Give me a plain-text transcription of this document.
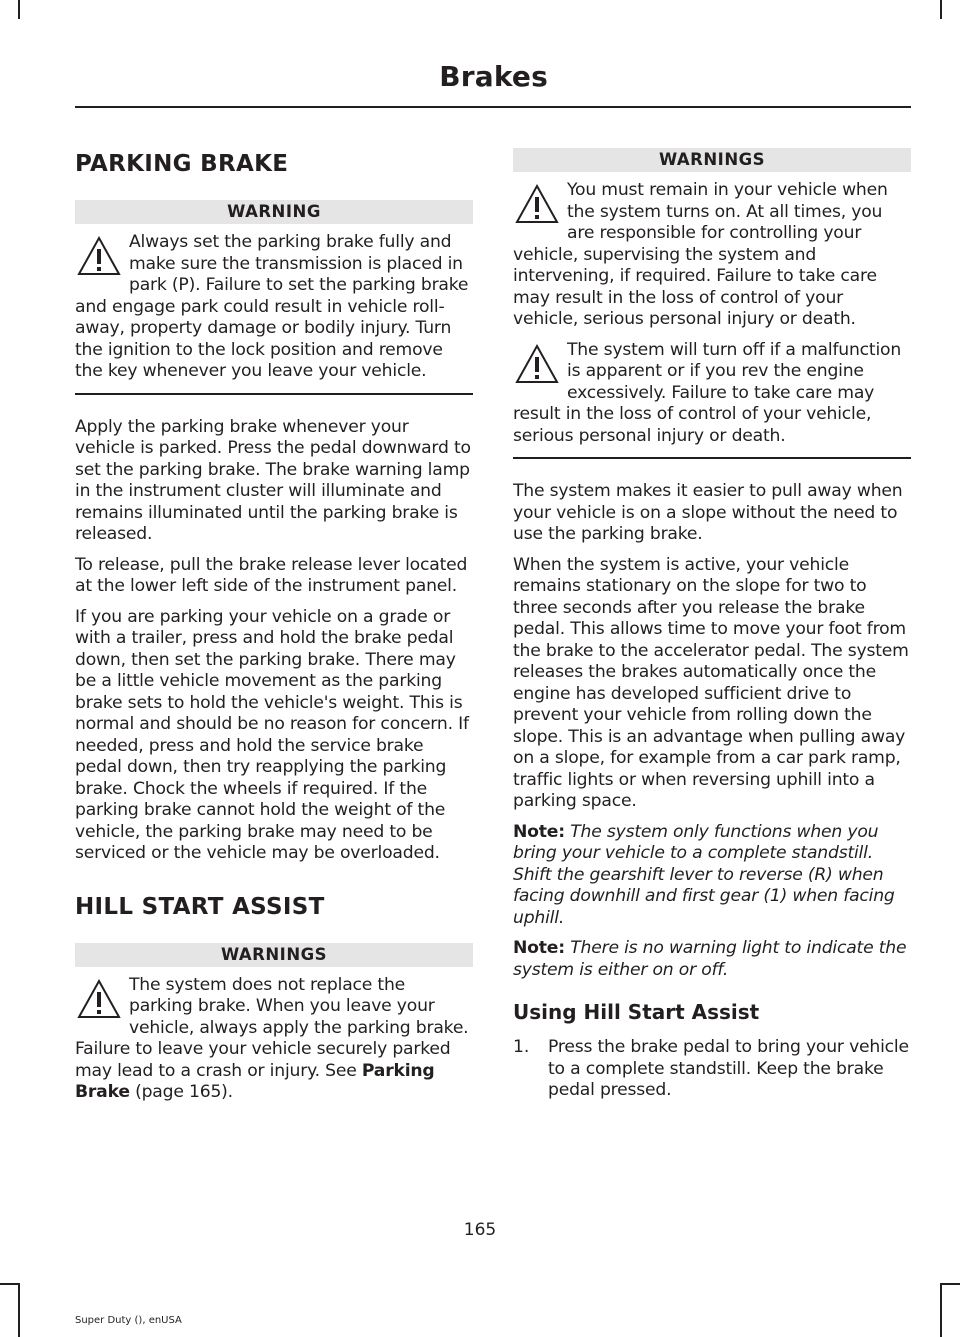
Brakes
PARKING BRAKE
WARNING

Always set the parking brake fully and make sure the transmission is placed in park (P). Failure to set the parking brake and engage park could result in vehicle roll-away, property damage or bodily injury. Turn the ignition to the lock position and remove the key whenever you leave your vehicle.

Apply the parking brake whenever your vehicle is parked. Press the pedal downward to set the parking brake. The brake warning lamp in the instrument cluster will illuminate and remains illuminated until the parking brake is released.

To release, pull the brake release lever located at the lower left side of the instrument panel.

If you are parking your vehicle on a grade or with a trailer, press and hold the brake pedal down, then set the parking brake. There may be a little vehicle movement as the parking brake sets to hold the vehicle's weight. This is normal and should be no reason for concern. If needed, press and hold the service brake pedal down, then try reapplying the parking brake. Chock the wheels if required. If the parking brake cannot hold the weight of the vehicle, the parking brake may need to be serviced or the vehicle may be overloaded.

HILL START ASSIST
WARNINGS

The system does not replace the parking brake. When you leave your vehicle, always apply the parking brake. Failure to leave your vehicle securely parked may lead to a crash or injury. See Parking Brake (page 165).

WARNINGS

You must remain in your vehicle when the system turns on. At all times, you are responsible for controlling your vehicle, supervising the system and intervening, if required. Failure to take care may result in the loss of control of your vehicle, serious personal injury or death.

The system will turn off if a malfunction is apparent or if you rev the engine excessively. Failure to take care may result in the loss of control of your vehicle, serious personal injury or death.

The system makes it easier to pull away when your vehicle is on a slope without the need to use the parking brake.

When the system is active, your vehicle remains stationary on the slope for two to three seconds after you release the brake pedal. This allows time to move your foot from the brake to the accelerator pedal. The system releases the brakes automatically once the engine has developed sufficient drive to prevent your vehicle from rolling down the slope. This is an advantage when pulling away on a slope, for example from a car park ramp, traffic lights or when reversing uphill into a parking space.

Note: The system only functions when you bring your vehicle to a complete standstill. Shift the gearshift lever to reverse (R) when facing downhill and first gear (1) when facing uphill.

Note: There is no warning light to indicate the system is either on or off.

Using Hill Start Assist
1. Press the brake pedal to bring your vehicle to a complete standstill. Keep the brake pedal pressed.

165
Super Duty (), enUSA
